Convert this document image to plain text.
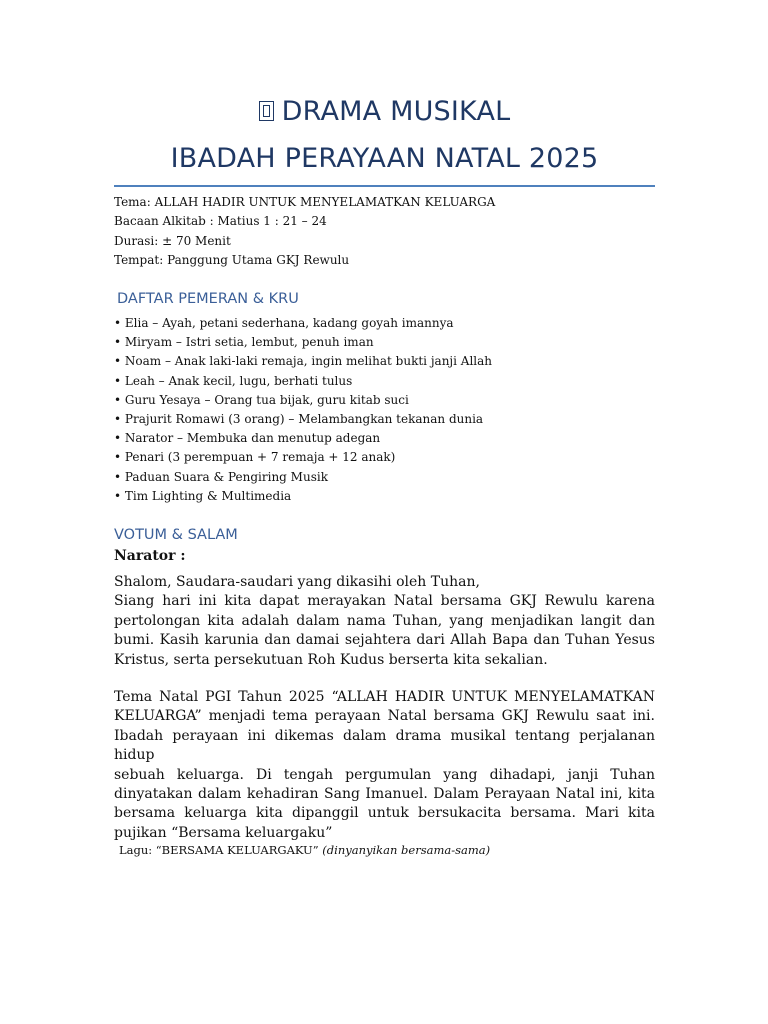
DRAMA MUSIKAL
IBADAH PERAYAAN NATAL 2025
Tema: ALLAH HADIR UNTUK MENYELAMATKAN KELUARGA
Bacaan Alkitab : Matius 1 : 21 – 24
Durasi: ± 70 Menit
Tempat: Panggung Utama GKJ Rewulu
DAFTAR PEMERAN & KRU
• Elia – Ayah, petani sederhana, kadang goyah imannya
• Miryam – Istri setia, lembut, penuh iman
• Noam – Anak laki-laki remaja, ingin melihat bukti janji Allah
• Leah – Anak kecil, lugu, berhati tulus
• Guru Yesaya – Orang tua bijak, guru kitab suci
• Prajurit Romawi (3 orang) – Melambangkan tekanan dunia
• Narator – Membuka dan menutup adegan
• Penari (3 perempuan + 7 remaja + 12 anak)
• Paduan Suara & Pengiring Musik
• Tim Lighting & Multimedia
VOTUM & SALAM
Narator :
Shalom, Saudara-saudari yang dikasihi oleh Tuhan,
Siang hari ini kita dapat merayakan Natal bersama GKJ Rewulu karena
pertolongan kita adalah dalam nama Tuhan, yang menjadikan langit dan
bumi. Kasih karunia dan damai sejahtera dari Allah Bapa dan Tuhan Yesus
Kristus, serta persekutuan Roh Kudus berserta kita sekalian.
Tema Natal PGI Tahun 2025 “ALLAH HADIR UNTUK MENYELAMATKAN
KELUARGA” menjadi tema perayaan Natal bersama GKJ Rewulu saat ini.
Ibadah perayaan ini dikemas dalam drama musikal tentang perjalanan hidup
sebuah keluarga. Di tengah pergumulan yang dihadapi, janji Tuhan
dinyatakan dalam kehadiran Sang Imanuel. Dalam Perayaan Natal ini, kita
bersama keluarga kita dipanggil untuk bersukacita bersama. Mari kita
pujikan “Bersama keluargaku”
Lagu: “BERSAMA KELUARGAKU” (dinyanyikan bersama-sama)
